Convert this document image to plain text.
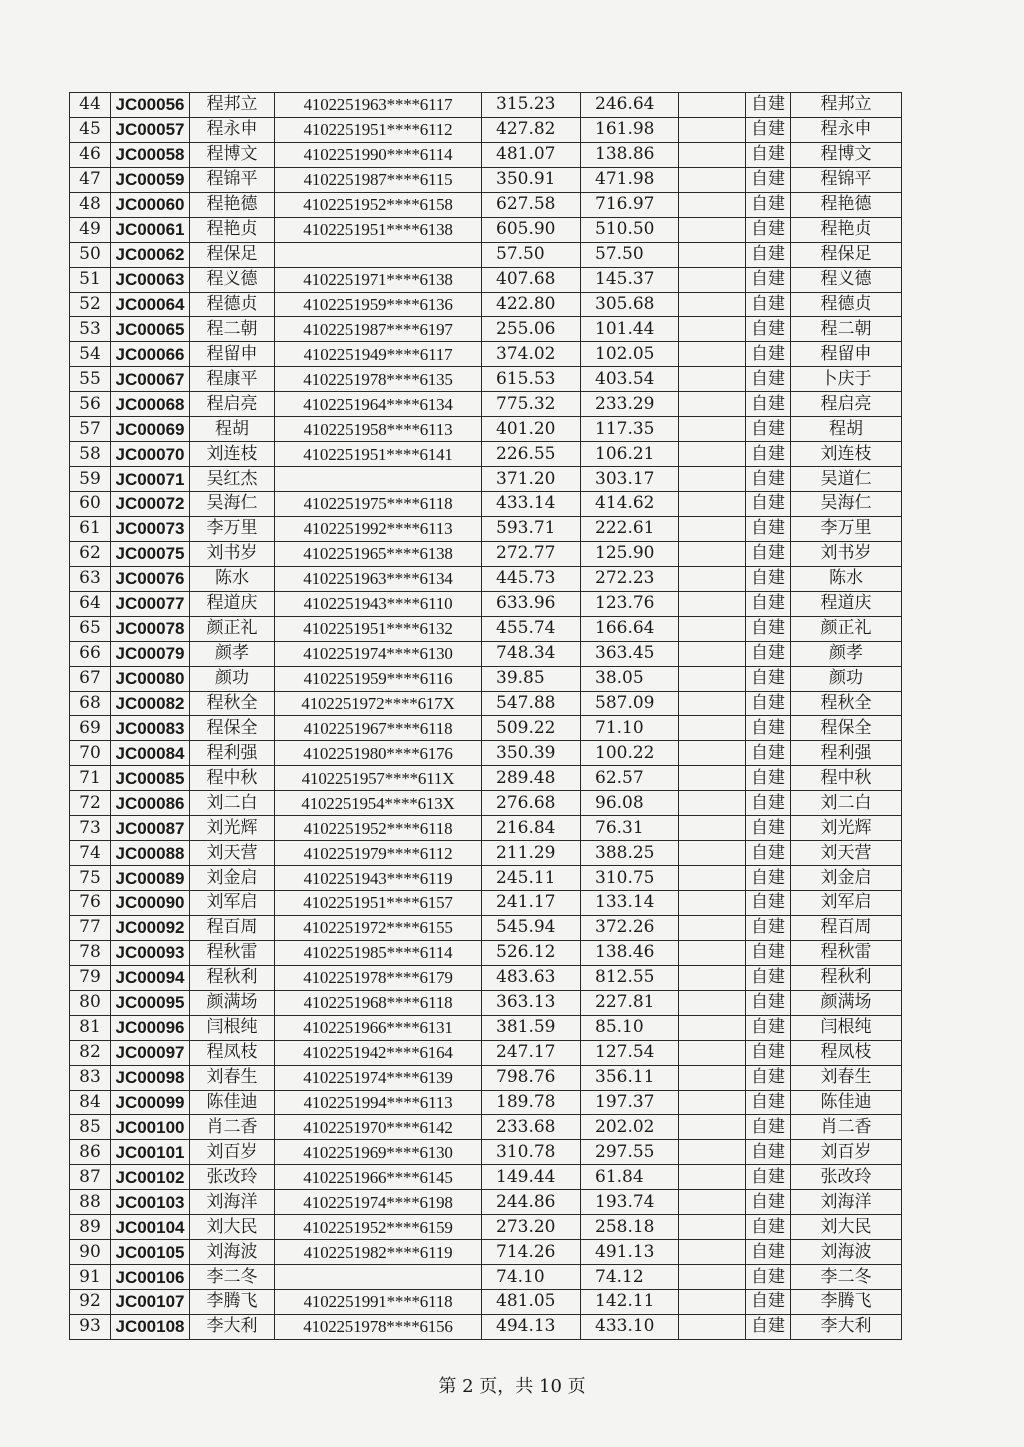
44	JC00056	程邦立	4102251963****6117	315.23	246.64		自建	程邦立
45	JC00057	程永申	4102251951****6112	427.82	161.98		自建	程永申
46	JC00058	程博文	4102251990****6114	481.07	138.86		自建	程博文
47	JC00059	程锦平	4102251987****6115	350.91	471.98		自建	程锦平
48	JC00060	程艳德	4102251952****6158	627.58	716.97		自建	程艳德
49	JC00061	程艳贞	4102251951****6138	605.90	510.50		自建	程艳贞
50	JC00062	程保足		57.50	57.50		自建	程保足
51	JC00063	程义德	4102251971****6138	407.68	145.37		自建	程义德
52	JC00064	程德贞	4102251959****6136	422.80	305.68		自建	程德贞
53	JC00065	程二朝	4102251987****6197	255.06	101.44		自建	程二朝
54	JC00066	程留申	4102251949****6117	374.02	102.05		自建	程留申
55	JC00067	程康平	4102251978****6135	615.53	403.54		自建	卜庆于
56	JC00068	程启亮	4102251964****6134	775.32	233.29		自建	程启亮
57	JC00069	程胡	4102251958****6113	401.20	117.35		自建	程胡
58	JC00070	刘连枝	4102251951****6141	226.55	106.21		自建	刘连枝
59	JC00071	吴红杰		371.20	303.17		自建	吴道仁
60	JC00072	吴海仁	4102251975****6118	433.14	414.62		自建	吴海仁
61	JC00073	李万里	4102251992****6113	593.71	222.61		自建	李万里
62	JC00075	刘书岁	4102251965****6138	272.77	125.90		自建	刘书岁
63	JC00076	陈水	4102251963****6134	445.73	272.23		自建	陈水
64	JC00077	程道庆	4102251943****6110	633.96	123.76		自建	程道庆
65	JC00078	颜正礼	4102251951****6132	455.74	166.64		自建	颜正礼
66	JC00079	颜孝	4102251974****6130	748.34	363.45		自建	颜孝
67	JC00080	颜功	4102251959****6116	39.85	38.05		自建	颜功
68	JC00082	程秋全	4102251972****617X	547.88	587.09		自建	程秋全
69	JC00083	程保全	4102251967****6118	509.22	71.10		自建	程保全
70	JC00084	程利强	4102251980****6176	350.39	100.22		自建	程利强
71	JC00085	程中秋	4102251957****611X	289.48	62.57		自建	程中秋
72	JC00086	刘二白	4102251954****613X	276.68	96.08		自建	刘二白
73	JC00087	刘光辉	4102251952****6118	216.84	76.31		自建	刘光辉
74	JC00088	刘天营	4102251979****6112	211.29	388.25		自建	刘天营
75	JC00089	刘金启	4102251943****6119	245.11	310.75		自建	刘金启
76	JC00090	刘军启	4102251951****6157	241.17	133.14		自建	刘军启
77	JC00092	程百周	4102251972****6155	545.94	372.26		自建	程百周
78	JC00093	程秋雷	4102251985****6114	526.12	138.46		自建	程秋雷
79	JC00094	程秋利	4102251978****6179	483.63	812.55		自建	程秋利
80	JC00095	颜满场	4102251968****6118	363.13	227.81		自建	颜满场
81	JC00096	闫根纯	4102251966****6131	381.59	85.10		自建	闫根纯
82	JC00097	程凤枝	4102251942****6164	247.17	127.54		自建	程凤枝
83	JC00098	刘春生	4102251974****6139	798.76	356.11		自建	刘春生
84	JC00099	陈佳迪	4102251994****6113	189.78	197.37		自建	陈佳迪
85	JC00100	肖二香	4102251970****6142	233.68	202.02		自建	肖二香
86	JC00101	刘百岁	4102251969****6130	310.78	297.55		自建	刘百岁
87	JC00102	张改玲	4102251966****6145	149.44	61.84		自建	张改玲
88	JC00103	刘海洋	4102251974****6198	244.86	193.74		自建	刘海洋
89	JC00104	刘大民	4102251952****6159	273.20	258.18		自建	刘大民
90	JC00105	刘海波	4102251982****6119	714.26	491.13		自建	刘海波
91	JC00106	李二冬		74.10	74.12		自建	李二冬
92	JC00107	李腾飞	4102251991****6118	481.05	142.11		自建	李腾飞
93	JC00108	李大利	4102251978****6156	494.13	433.10		自建	李大利
第 2 页，共 10 页
